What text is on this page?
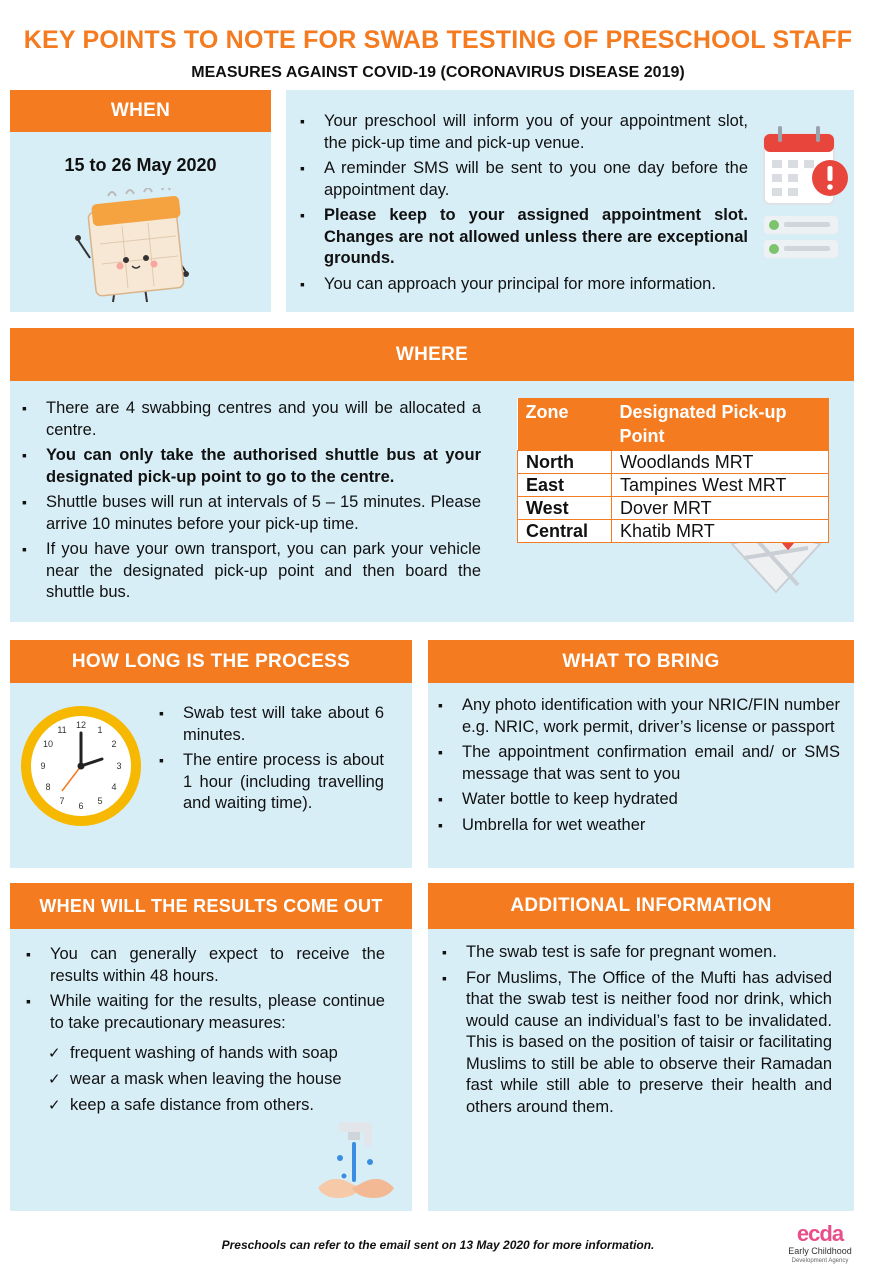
KEY POINTS TO NOTE FOR SWAB TESTING OF PRESCHOOL STAFF
MEASURES AGAINST COVID-19 (CORONAVIRUS DISEASE 2019)
WHEN
15 to 26 May 2020
▪ Your preschool will inform you of your appointment slot, the pick-up time and pick-up venue.
▪ A reminder SMS will be sent to you one day before the appointment day.
▪ Please keep to your assigned appointment slot. Changes are not allowed unless there are exceptional grounds.
▪ You can approach your principal for more information.
WHERE
▪ There are 4 swabbing centres and you will be allocated a centre.
▪ You can only take the authorised shuttle bus at your designated pick-up point to go to the centre.
▪ Shuttle buses will run at intervals of 5 – 15 minutes. Please arrive 10 minutes before your pick-up time.
▪ If you have your own transport, you can park your vehicle near the designated pick-up point and then board the shuttle bus.
Zone	Designated Pick-up Point
North	Woodlands MRT
East	Tampines West MRT
West	Dover MRT
Central	Khatib MRT
HOW LONG IS THE PROCESS
12 1
2
3
4
5
6
7
8
9
10
11
▪ Swab test will take about 6 minutes.
▪ The entire process is about 1 hour (including travelling and waiting time).
WHAT TO BRING
▪ Any photo identification with your NRIC/FIN number e.g. NRIC, work permit, driver’s license or passport
▪ The appointment confirmation email and/ or SMS message that was sent to you
▪ Water bottle to keep hydrated
▪ Umbrella for wet weather
WHEN WILL THE RESULTS COME OUT
▪ You can generally expect to receive the results within 48 hours.
▪ While waiting for the results, please continue to take precautionary measures:
✓ frequent washing of hands with soap
✓ wear a mask when leaving the house
✓ keep a safe distance from others.
ADDITIONAL INFORMATION
▪ The swab test is safe for pregnant women.
▪ For Muslims, The Office of the Mufti has advised that the swab test is neither food nor drink, which would cause an individual’s fast to be invalidated. This is based on the position of taisir or facilitating Muslims to still be able to observe their Ramadan fast while still able to preserve their health and others around them.
Preschools can refer to the email sent on 13 May 2020 for more information.	ecda
Early Childhood
Development Agency
